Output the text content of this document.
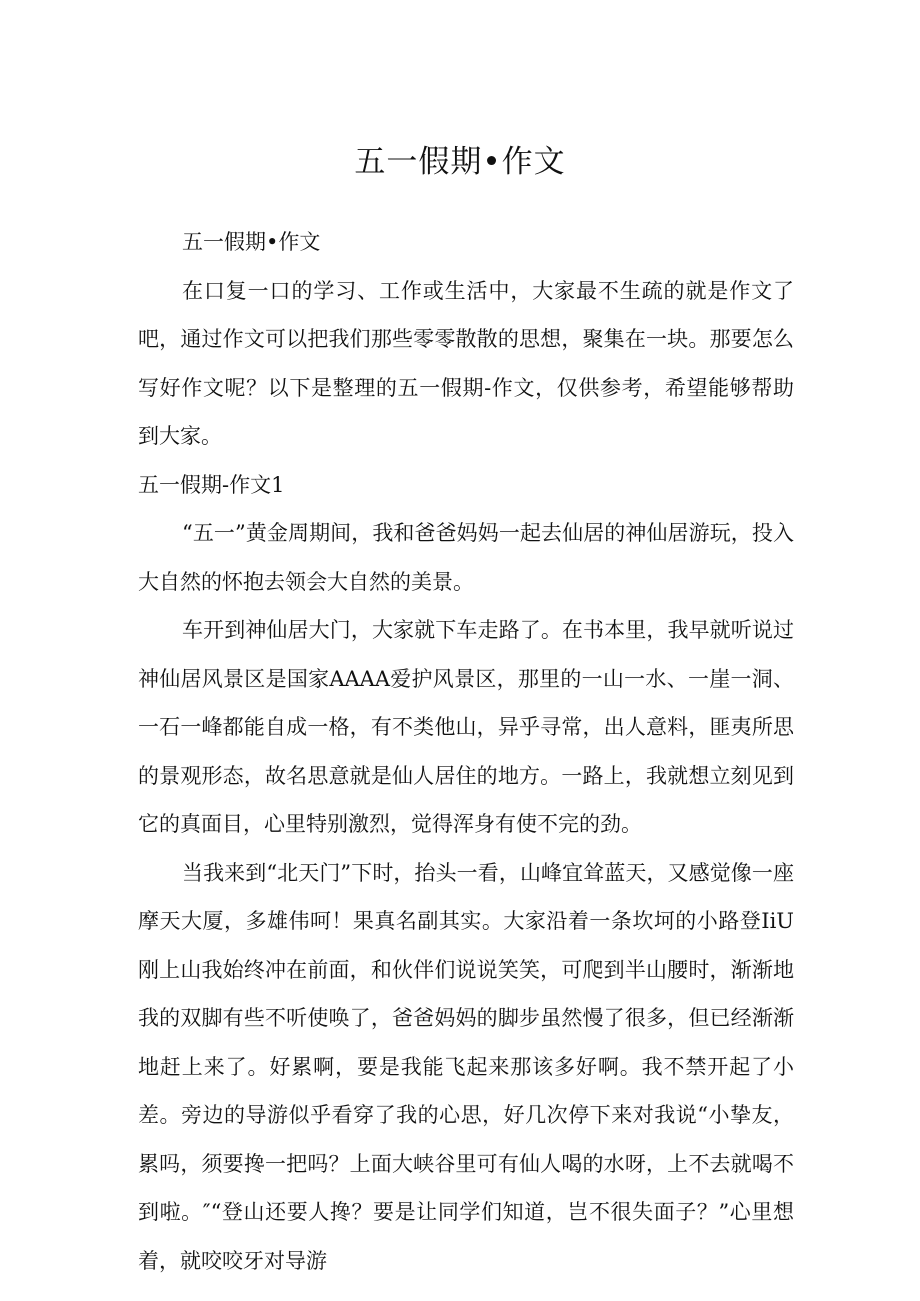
五一假期•作文

五一假期•作文

在口复一口的学习、工作或生活中，大家最不生疏的就是作文了吧，通过作文可以把我们那些零零散散的思想，聚集在一块。那要怎么写好作文呢？以下是整理的五一假期-作文，仅供参考，希望能够帮助到大家。

五一假期-作文1

“五一”黄金周期间，我和爸爸妈妈一起去仙居的神仙居游玩，投入大自然的怀抱去领会大自然的美景。

车开到神仙居大门，大家就下车走路了。在书本里，我早就听说过神仙居风景区是国家AAAA爱护风景区，那里的一山一水、一崖一洞、一石一峰都能自成一格，有不类他山，异乎寻常，出人意料，匪夷所思的景观形态，故名思意就是仙人居住的地方。一路上，我就想立刻见到它的真面目，心里特别激烈，觉得浑身有使不完的劲。

当我来到“北天门”下时，抬头一看，山峰宜耸蓝天，又感觉像一座摩天大厦，多雄伟呵！果真名副其实。大家沿着一条坎坷的小路登IiU刚上山我始终冲在前面，和伙伴们说说笑笑，可爬到半山腰时，渐渐地我的双脚有些不听使唤了，爸爸妈妈的脚步虽然慢了很多，但已经渐渐地赶上来了。好累啊，要是我能飞起来那该多好啊。我不禁开起了小差。旁边的导游似乎看穿了我的心思，好几次停下来对我说“小挚友，累吗，须要搀一把吗？上面大峡谷里可有仙人喝的水呀，上不去就喝不到啦。″“登山还要人搀？要是让同学们知道，岂不很失面子？”心里想着，就咬咬牙对导游
